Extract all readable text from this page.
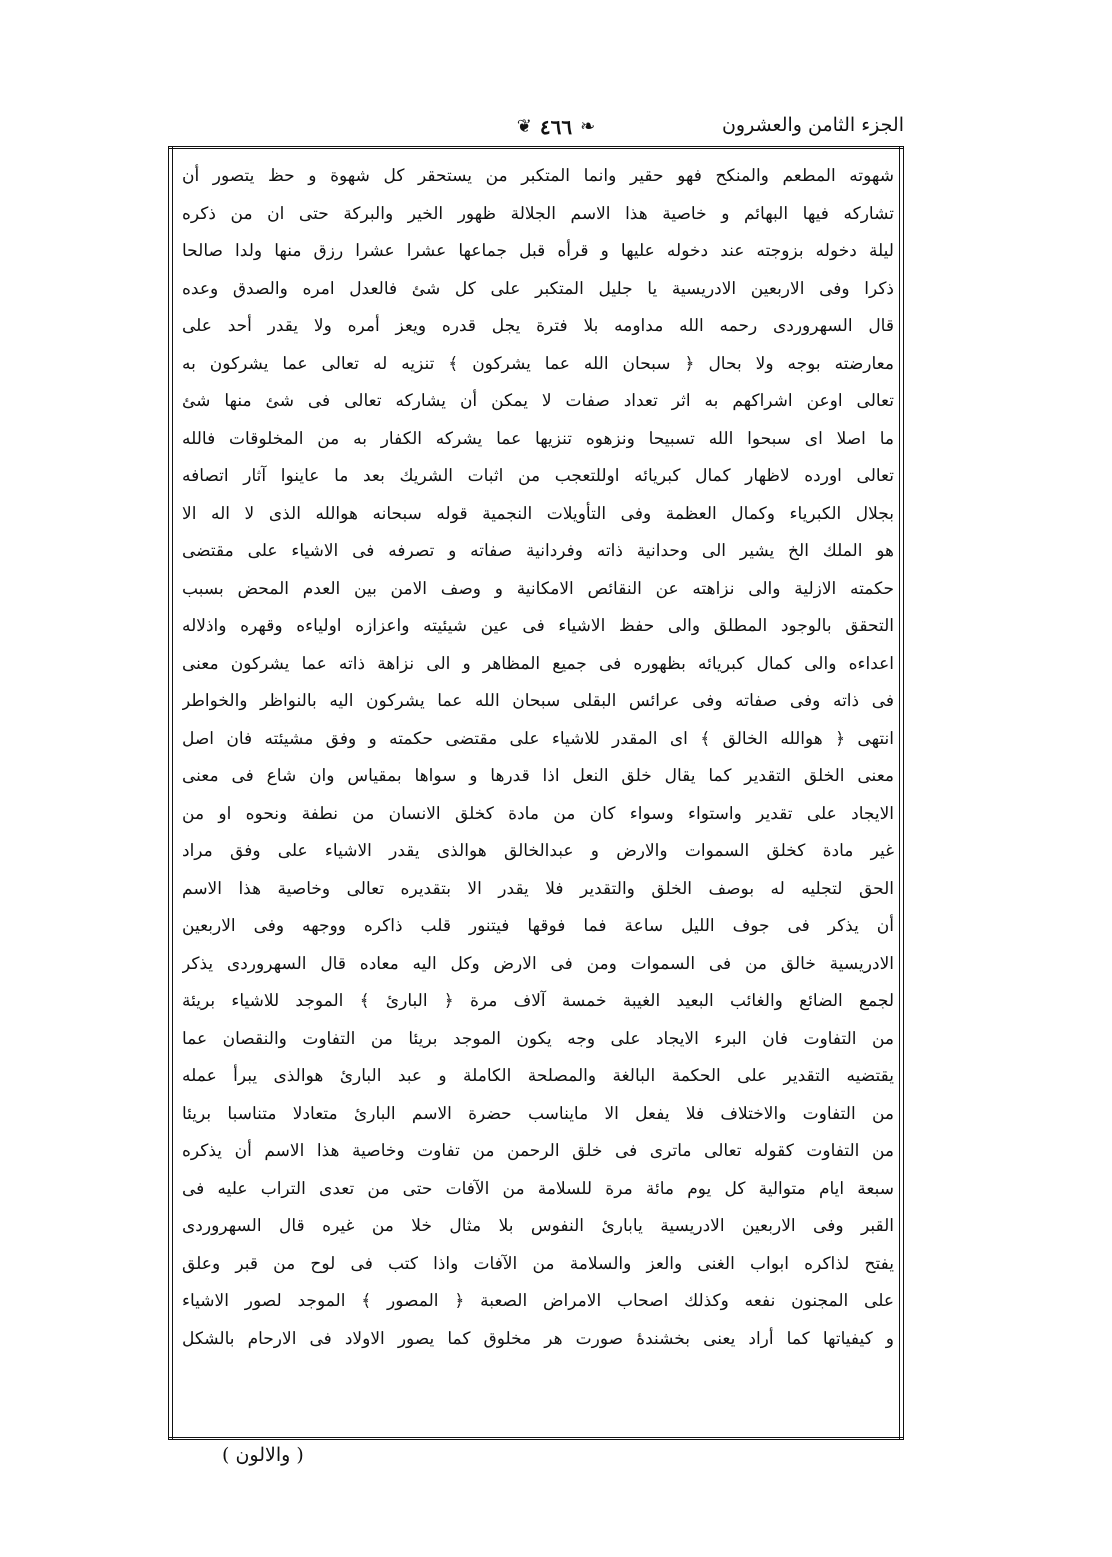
الجزء الثامن والعشرون
❦ ٤٦٦ ❧
شهوته المطعم والمنكح فهو حقير وانما المتكبر من يستحقر كل شهوة و حظ يتصور أن
تشاركه فيها البهائم و خاصية هذا الاسم الجلالة ظهور الخير والبركة حتى ان من ذكره
ليلة دخوله بزوجته عند دخوله عليها و قرأه قبل جماعها عشرا عشرا رزق منها ولدا صالحا
ذكرا وفى الاربعين الادريسية يا جليل المتكبر على كل شئ فالعدل امره والصدق وعده
قال السهروردى رحمه الله مداومه بلا فترة يجل قدره ويعز أمره ولا يقدر أحد على
معارضته بوجه ولا بحال ﴿ سبحان الله عما يشركون ﴾ تنزيه له تعالى عما يشركون به
تعالى اوعن اشراكهم به اثر تعداد صفات لا يمكن أن يشاركه تعالى فى شئ منها شئ
ما اصلا اى سبحوا الله تسبيحا ونزهوه تنزيها عما يشركه الكفار به من المخلوقات فالله
تعالى اورده لاظهار كمال كبريائه اوللتعجب من اثبات الشريك بعد ما عاينوا آثار اتصافه
بجلال الكبرياء وكمال العظمة وفى التأويلات النجمية قوله سبحانه هوالله الذى لا اله الا
هو الملك الخ يشير الى وحدانية ذاته وفردانية صفاته و تصرفه فى الاشياء على مقتضى
حكمته الازلية والى نزاهته عن النقائص الامكانية و وصف الامن بين العدم المحض بسبب
التحقق بالوجود المطلق والى حفظ الاشياء فى عين شيئيته واعزازه اولياءه وقهره واذلاله
اعداءه والى كمال كبريائه بظهوره فى جميع المظاهر و الى نزاهة ذاته عما يشركون معنى
فى ذاته وفى صفاته وفى عرائس البقلى سبحان الله عما يشركون اليه بالنواظر والخواطر
انتهى ﴿ هوالله الخالق ﴾ اى المقدر للاشياء على مقتضى حكمته و وفق مشيئته فان اصل
معنى الخلق التقدير كما يقال خلق النعل اذا قدرها و سواها بمقياس وان شاع فى معنى
الايجاد على تقدير واستواء وسواء كان من مادة كخلق الانسان من نطفة ونحوه او من
غير مادة كخلق السموات والارض و عبدالخالق هوالذى يقدر الاشياء على وفق مراد
الحق لتجليه له بوصف الخلق والتقدير فلا يقدر الا بتقديره تعالى وخاصية هذا الاسم
أن يذكر فى جوف الليل ساعة فما فوقها فيتنور قلب ذاكره ووجهه وفى الاربعين
الادريسية خالق من فى السموات ومن فى الارض وكل اليه معاده قال السهروردى يذكر
لجمع الضائع والغائب البعيد الغيبة خمسة آلاف مرة ﴿ البارئ ﴾ الموجد للاشياء بريئة
من التفاوت فان البرء الايجاد على وجه يكون الموجد بريئا من التفاوت والنقصان عما
يقتضيه التقدير على الحكمة البالغة والمصلحة الكاملة و عبد البارئ هوالذى يبرأ عمله
من التفاوت والاختلاف فلا يفعل الا مايناسب حضرة الاسم البارئ متعادلا متناسبا بريئا
من التفاوت كقوله تعالى ماترى فى خلق الرحمن من تفاوت وخاصية هذا الاسم أن يذكره
سبعة ايام متوالية كل يوم مائة مرة للسلامة من الآفات حتى من تعدى التراب عليه فى
القبر وفى الاربعين الادريسية يابارئ النفوس بلا مثال خلا من غيره قال السهروردى
يفتح لذاكره ابواب الغنى والعز والسلامة من الآفات واذا كتب فى لوح من قبر وعلق
على المجنون نفعه وكذلك اصحاب الامراض الصعبة ﴿ المصور ﴾ الموجد لصور الاشياء
و كيفياتها كما أراد يعنى بخشندهٔ صورت هر مخلوق كما يصور الاولاد فى الارحام بالشكل
( والالون )
